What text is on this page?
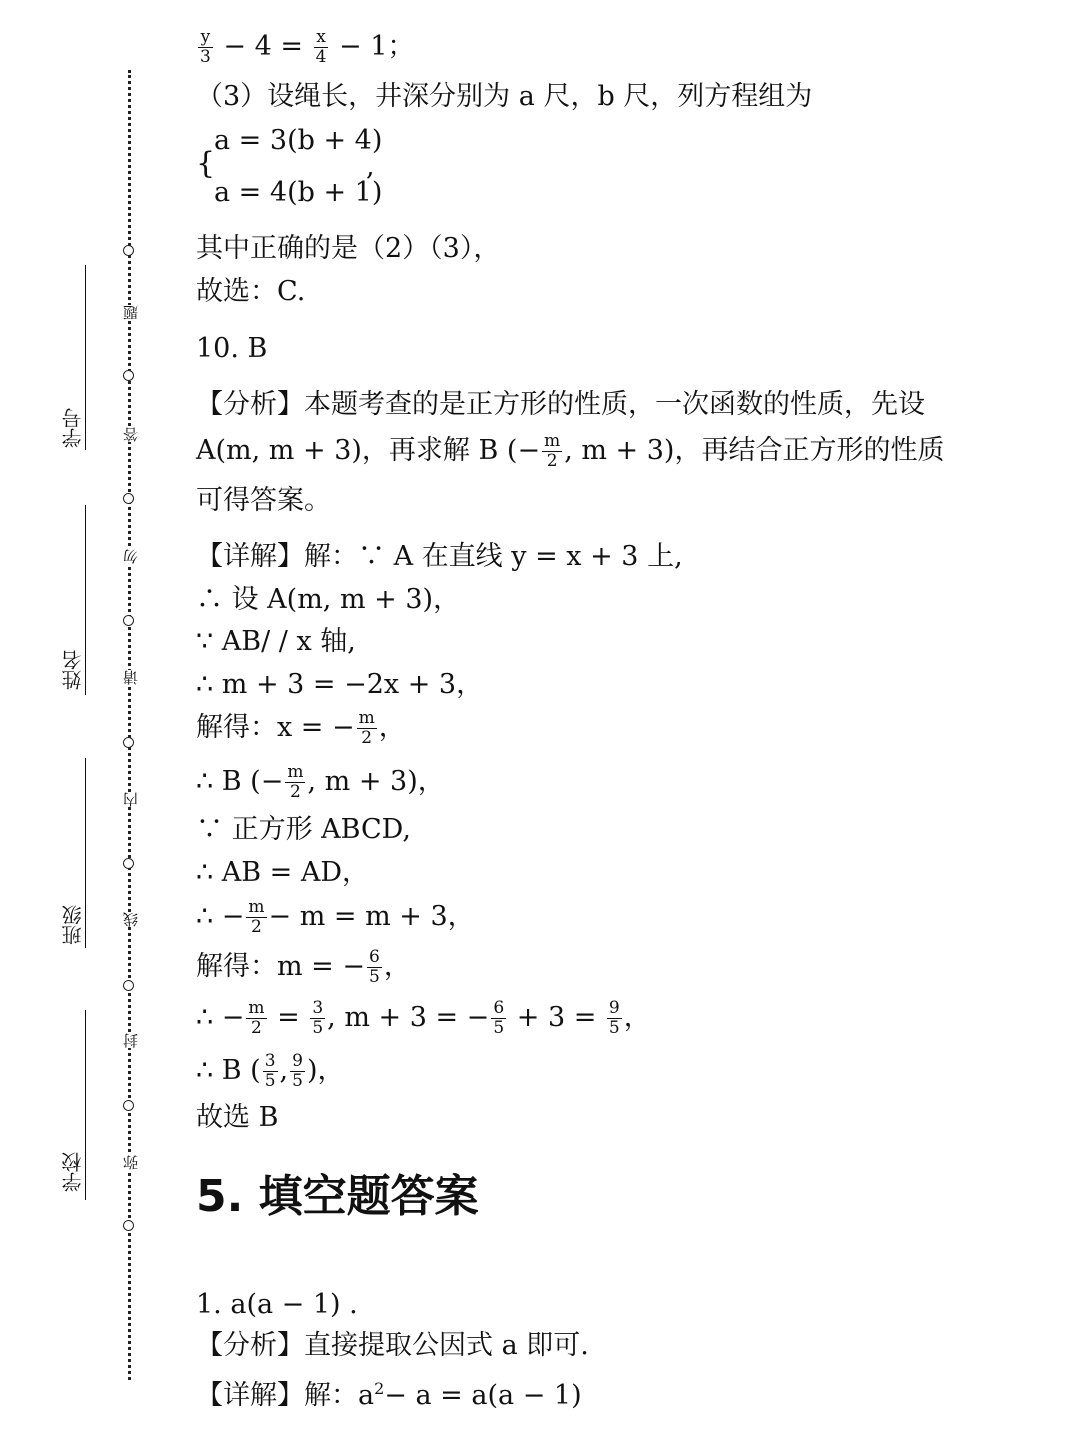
学号
姓名
班级
学校
题
答
勿
请
内
线
封
弥
$\frac{y}{3} - 4 = \frac{x}{4} - 1$；
（3）设绳长，井深分别为 a 尺，b 尺，列方程组为
{
a = 3(b + 4)
,
a = 4(b + 1)
其中正确的是（2）（3），
故选：C.
10. B
【分析】本题考查的是正方形的性质，一次函数的性质，先设
A(m, m + 3)，再求解 B (− $\frac{m}{2}$ , m + 3)，再结合正方形的性质
可得答案。
【详解】解：∵ A 在直线 y = x + 3 上,
∴ 设 A(m, m + 3)，
∵ AB/ / x 轴,
∴ m + 3 = −2x + 3，
解得：x = − $\frac{m}{2}$ ，
∴ B (− $\frac{m}{2}$ , m + 3)，
∵ 正方形 ABCD,
∴ AB = AD，
∴ − $\frac{m}{2} - m = m + 3$，
解得：m = − $\frac{6}{5}$ ，
∴ − $\frac{m}{2} = \frac{3}{5}$ , m + 3 = − $\frac{6}{5} + 3 = \frac{9}{5}$ ，
∴ B ( $\frac{3}{5}$ , $\frac{9}{5}$ )，
故选 B
5. 填空题答案
1. a(a − 1) .
【分析】直接提取公因式 a 即可.
【详解】解：$a^2- a = a(a - 1)$
